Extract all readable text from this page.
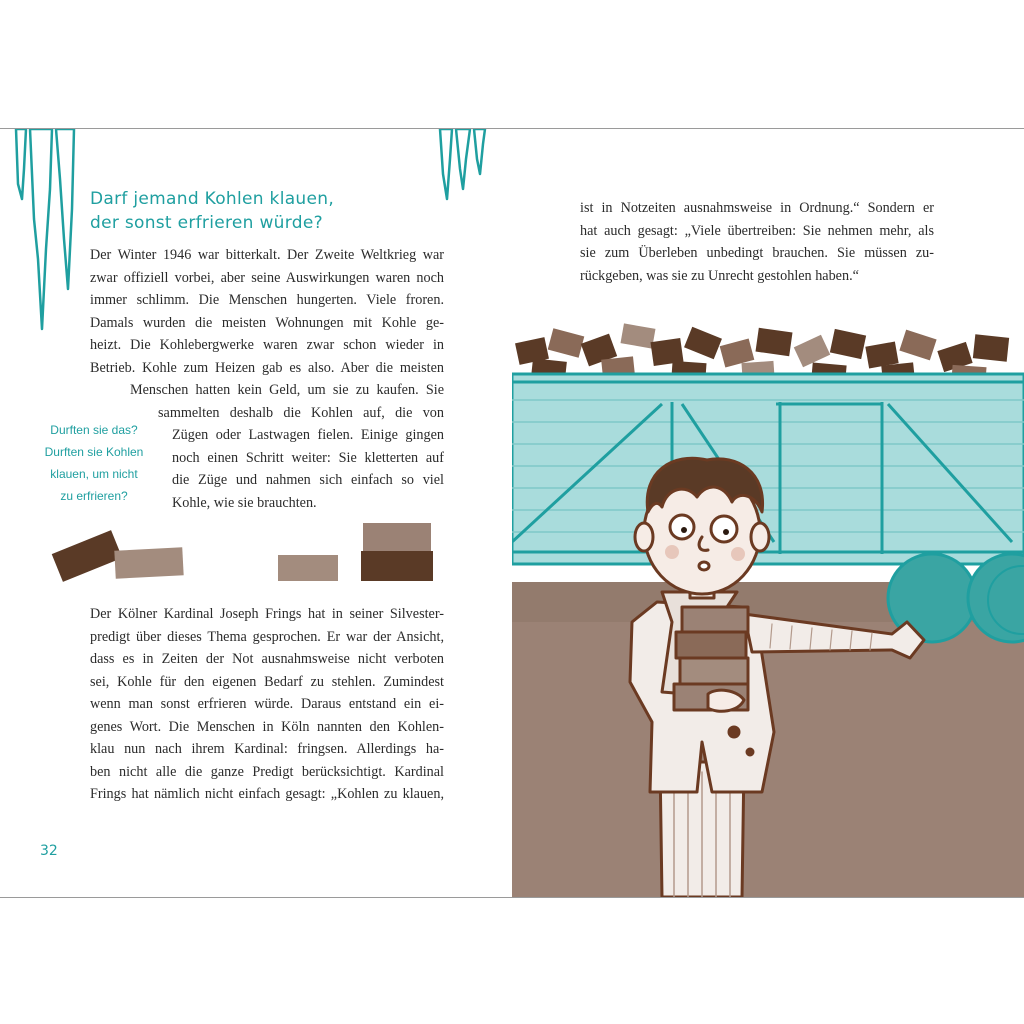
Darf jemand Kohlen klauen,
der sonst erfrieren würde?

Der Winter 1946 war bitterkalt. Der Zweite Weltkrieg war

zwar offiziell vorbei, aber seine Auswirkungen waren noch

immer schlimm. Die Menschen hungerten. Viele froren.

Damals wurden die meisten Wohnungen mit Kohle ge-

heizt. Die Kohlebergwerke waren zwar schon wieder in

Betrieb. Kohle zum Heizen gab es also. Aber die meisten

Menschen hatten kein Geld, um sie zu kaufen. Sie

sammelten deshalb die Kohlen auf, die von

Zügen oder Lastwagen fielen. Einige gingen

noch einen Schritt weiter: Sie kletterten auf

die Züge und nahmen sich einfach so viel

Kohle, wie sie brauchten.

Durften sie das?
Durften sie Kohlen
klauen, um nicht
zu erfrieren?

Der Kölner Kardinal Joseph Frings hat in seiner Silvester-

predigt über dieses Thema gesprochen. Er war der Ansicht,

dass es in Zeiten der Not ausnahmsweise nicht verboten

sei, Kohle für den eigenen Bedarf zu stehlen. Zumindest

wenn man sonst erfrieren würde. Daraus entstand ein ei-

genes Wort. Die Menschen in Köln nannten den Kohlen-

klau nun nach ihrem Kardinal: fringsen. Allerdings ha-

ben nicht alle die ganze Predigt berücksichtigt. Kardinal

Frings hat nämlich nicht einfach gesagt: „Kohlen zu klauen,

32

ist in Notzeiten ausnahmsweise in Ordnung.“ Sondern er

hat auch gesagt: „Viele übertreiben: Sie nehmen mehr, als

sie zum Überleben unbedingt brauchen. Sie müssen zu-

rückgeben, was sie zu Unrecht gestohlen haben.“
